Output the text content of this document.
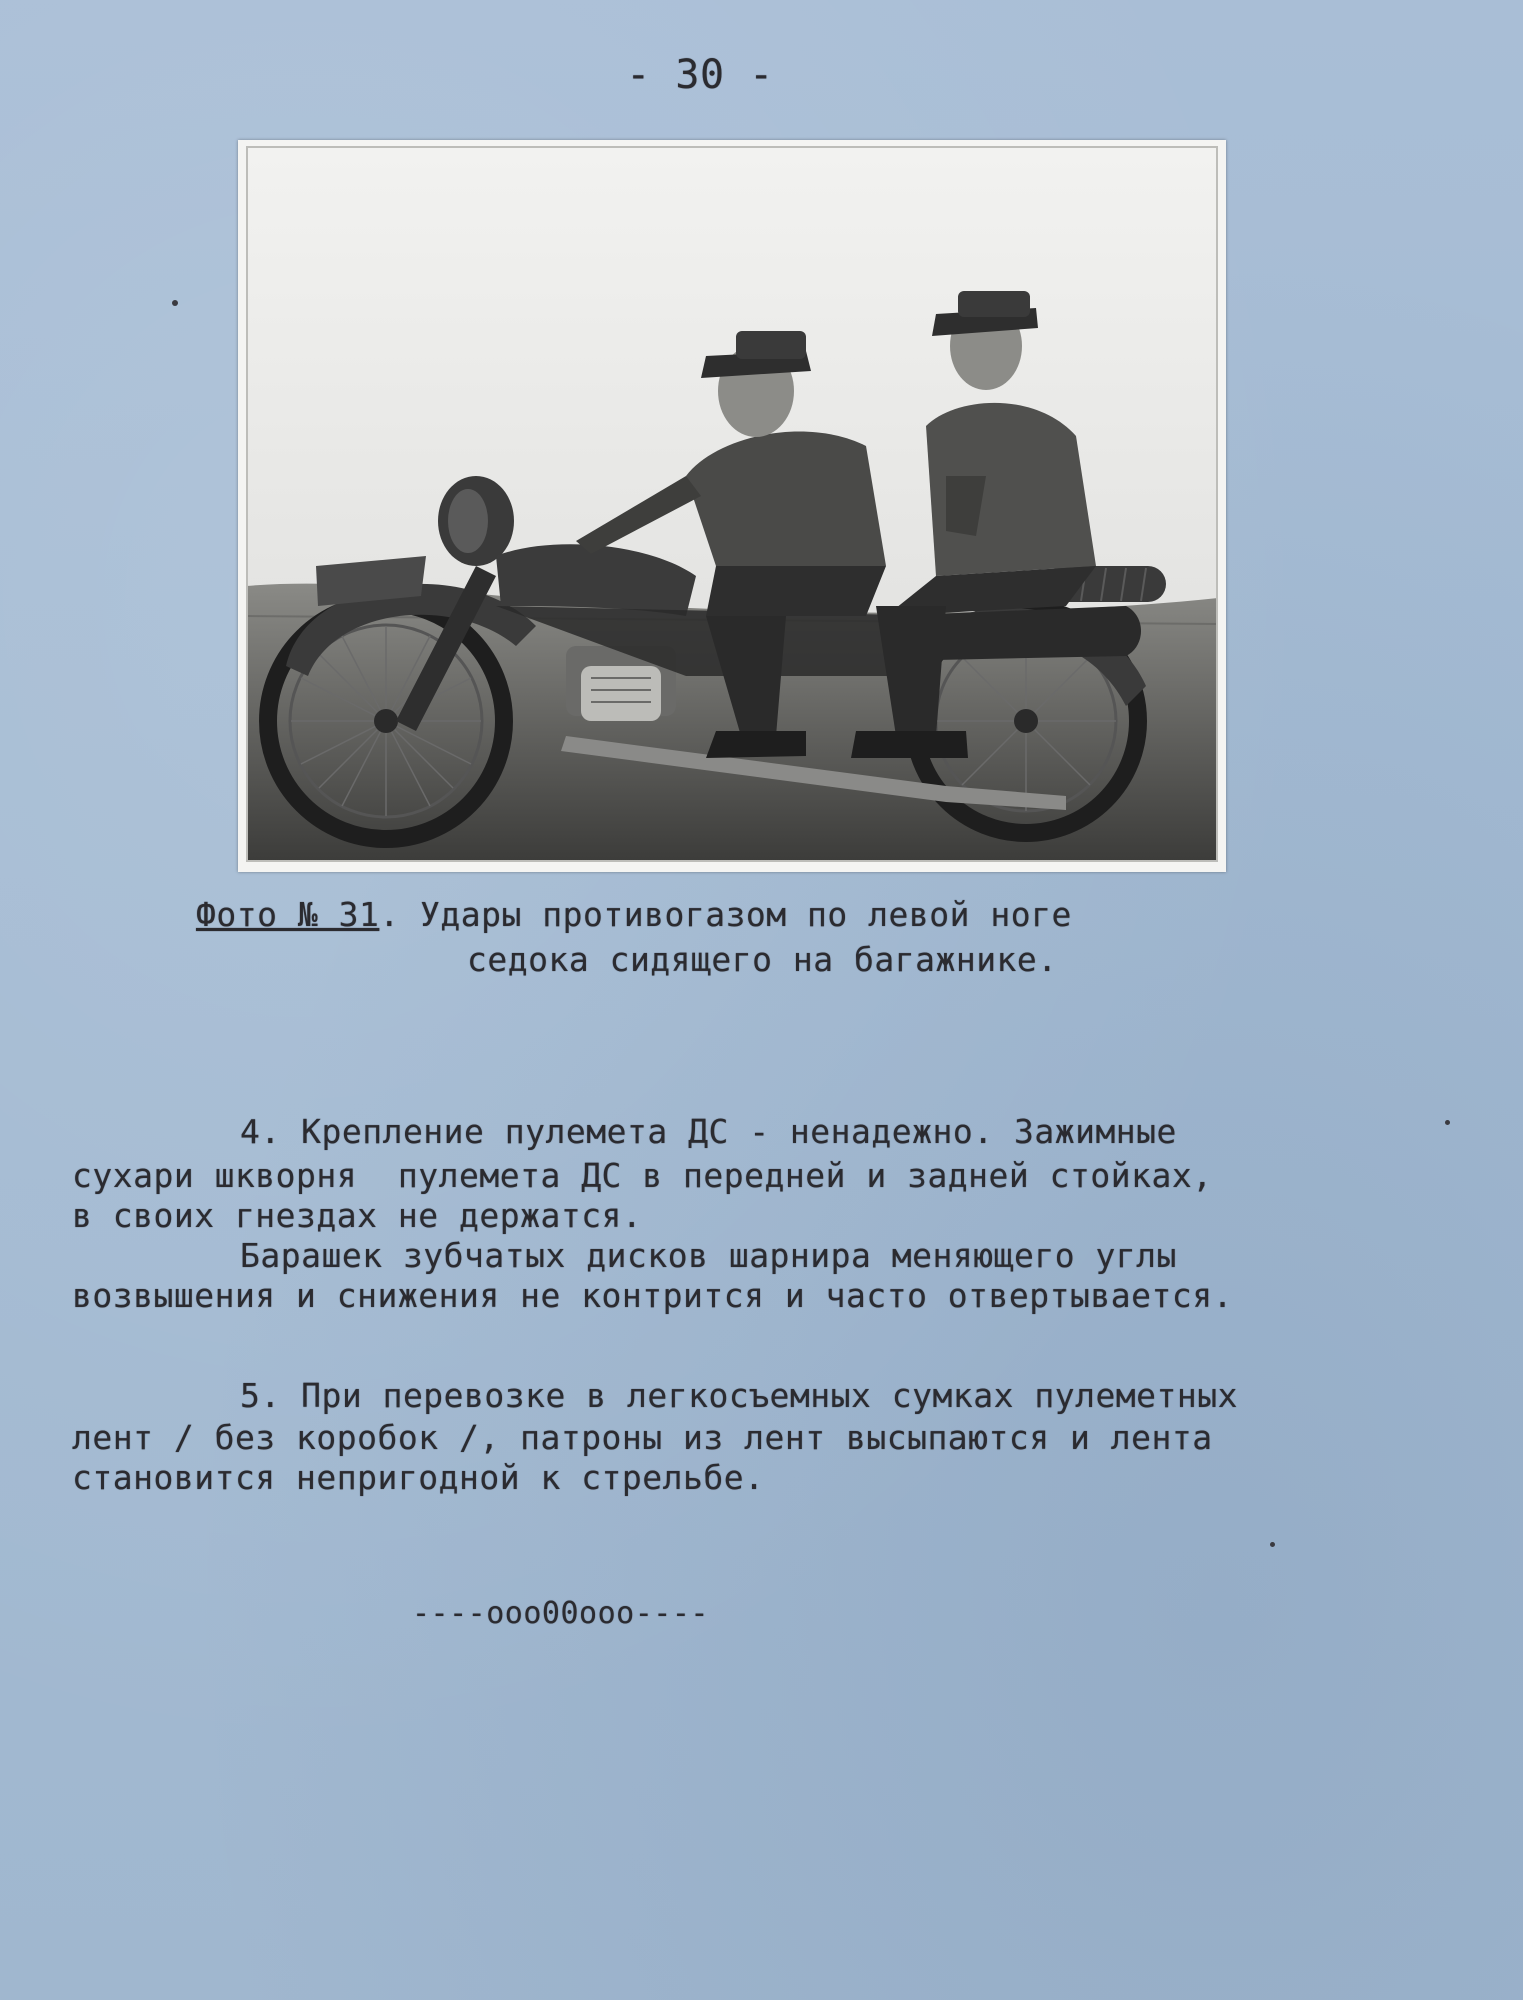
- 30 -
Фото № 31. Удары противогазом по левой ноге
седока сидящего на багажнике.
4. Крепление пулемета ДС - ненадежно. Зажимные
сухари шкворня  пулемета ДС в передней и задней стойках,
в своих гнездах не держатся.
Барашек зубчатых дисков шарнира меняющего углы
возвышения и снижения не контрится и часто отвертывается.
5. При перевозке в легкосъемных сумках пулеметных
лент / без коробок /, патроны из лент высыпаются и лента
становится непригодной к стрельбе.
----ooo00ooo----
